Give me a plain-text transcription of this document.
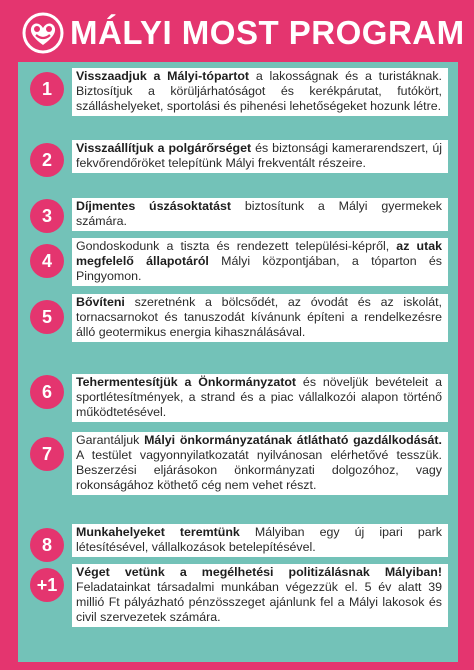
MÁLYI MOST PROGRAM
1
Visszaadjuk a Mályi-tópartot a lakosságnak és a turistáknak. Biztosítjuk a körüljárhatóságot és kerékpárutat, futókört, szálláshelyeket, sportolási és pihenési lehetőségeket hozunk létre.
2
Visszaállítjuk a polgárőrséget és biztonsági kamerarendszert, új fekvőrendőröket telepítünk Mályi frekventált részeire.
3	Díjmentes úszásoktatást biztosítunk a Mályi gyermekek számára.
4
Gondoskodunk a tiszta és rendezett települési-képről, az utak megfelelő állapotáról Mályi központjában, a tóparton és Pingyomon.
5
Bővíteni szeretnénk a bölcsődét, az óvodát és az iskolát, tornacsarnokot és tanuszodát kívánunk építeni a rendelkezésre álló geotermikus energia kihasználásával.
6	Tehermentesítjük a Önkormányzatot és növeljük bevételeit a sportlétesítmények, a strand és a piac vállalkozói alapon történő működtetésével.
7
Garantáljuk Mályi önkormányzatának átlátható gazdálkodását. A testület vagyonnyilatkozatát nyilvánosan elérhetővé tesszük. Beszerzési eljárásokon önkormányzati dolgozóhoz, vagy rokonságához köthető cég nem vehet részt.
8
Munkahelyeket teremtünk Mályiban egy új ipari park létesítésével, vállalkozások betelepítésével.
+1
Véget vetünk a megélhetési politizálásnak Mályiban! Feladatainkat társadalmi munkában végezzük el. 5 év alatt 39 millió Ft pályázható pénzösszeget ajánlunk fel a Mályi lakosok és civil szervezetek számára.
